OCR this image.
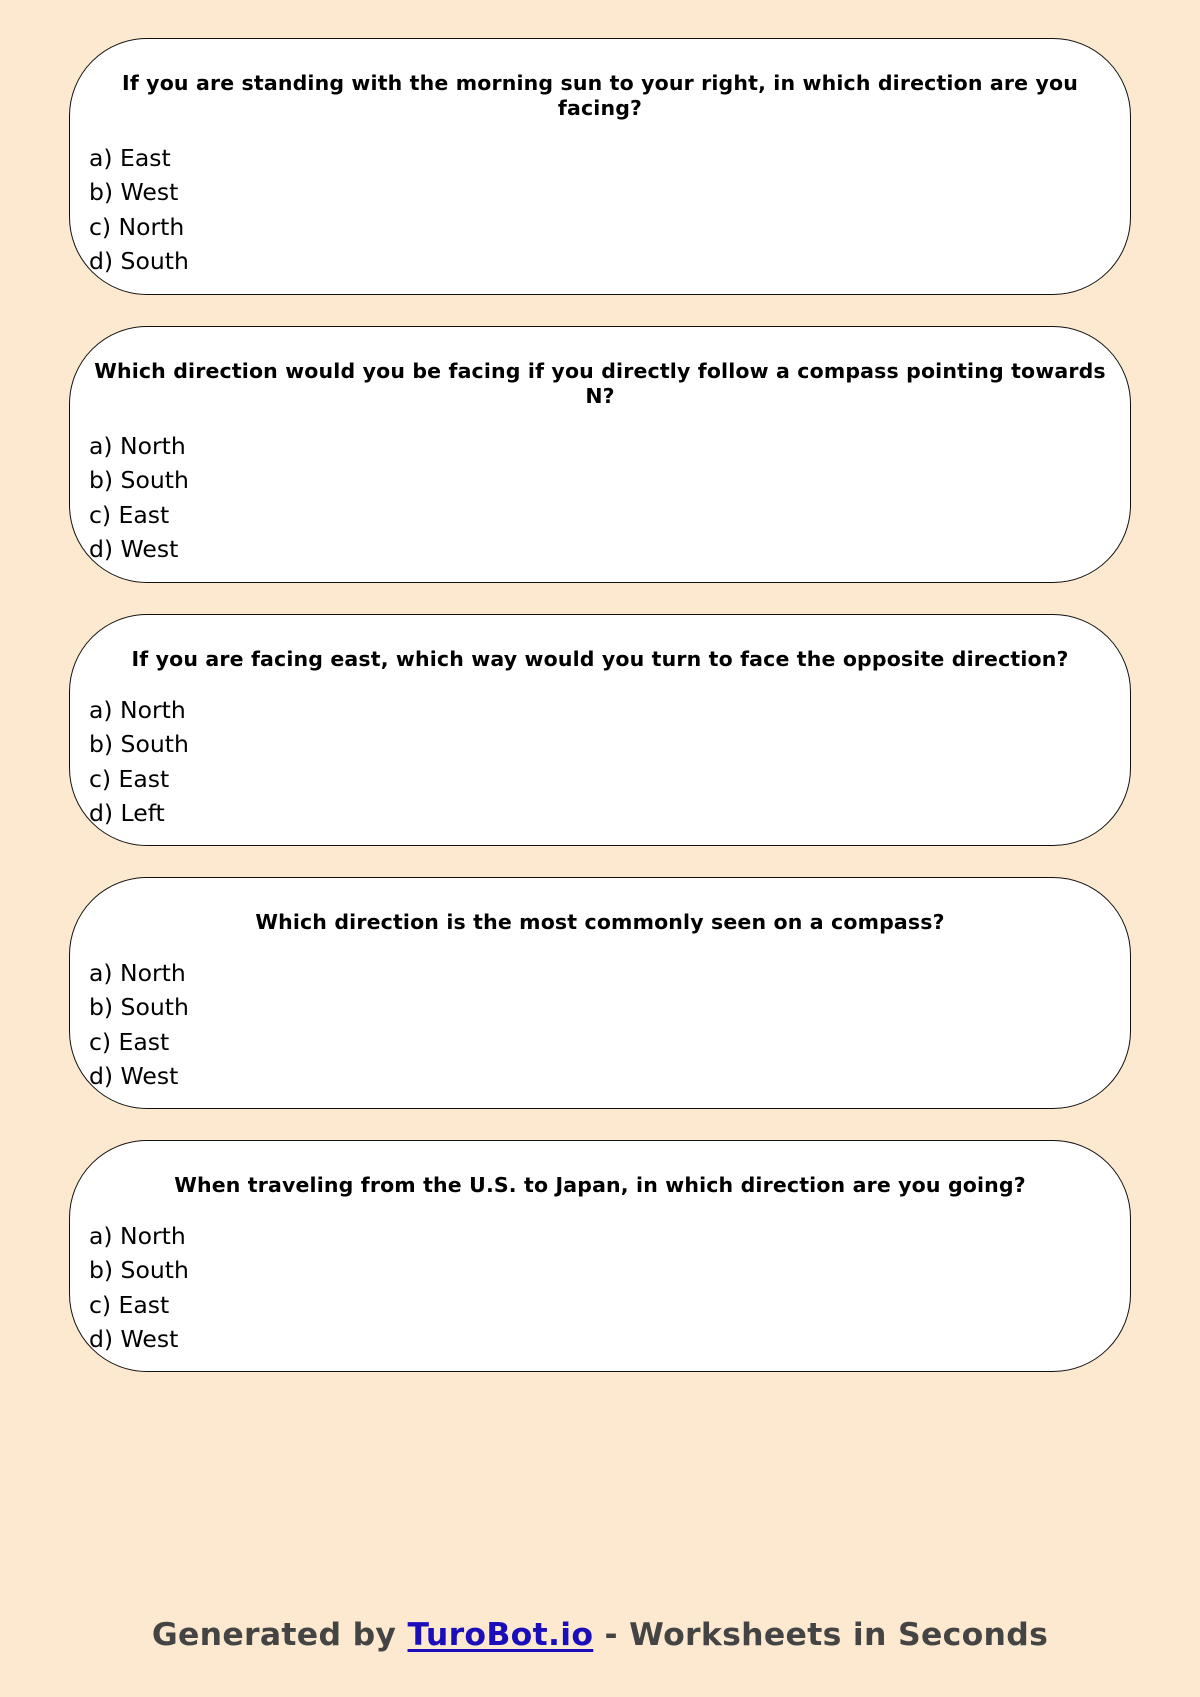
If you are standing with the morning sun to your right, in which direction are you facing?

a) East
b) West
c) North
d) South

Which direction would you be facing if you directly follow a compass pointing towards N?

a) North
b) South
c) East
d) West

If you are facing east, which way would you turn to face the opposite direction?

a) North
b) South
c) East
d) Left

Which direction is the most commonly seen on a compass?

a) North
b) South
c) East
d) West

When traveling from the U.S. to Japan, in which direction are you going?

a) North
b) South
c) East
d) West
Generated by TuroBot.io - Worksheets in Seconds
